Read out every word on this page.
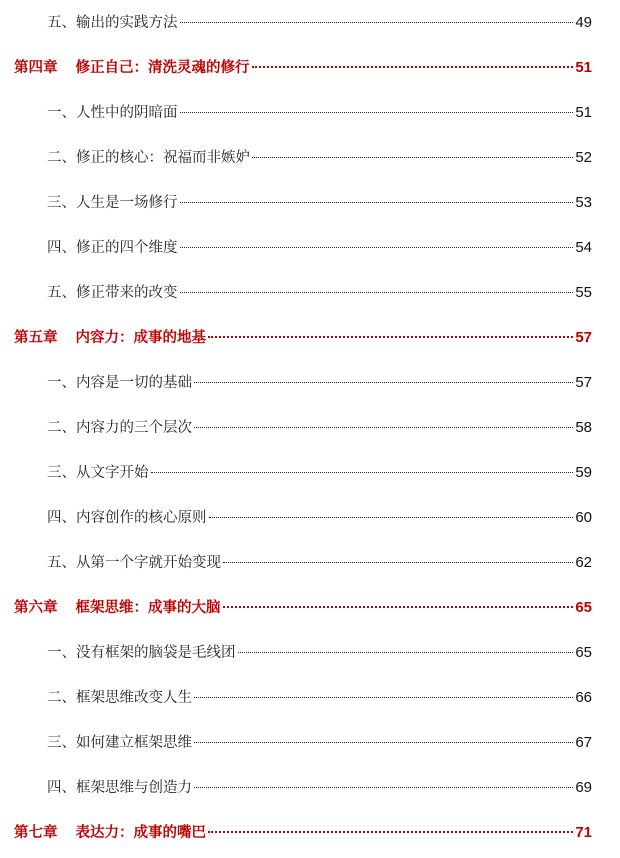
五、输出的实践方法	49
第四章 修正自己：清洗灵魂的修行	51
一、人性中的阴暗面	51
二、修正的核心：祝福而非嫉妒	52
三、人生是一场修行	53
四、修正的四个维度	54
五、修正带来的改变	55
第五章 内容力：成事的地基	57
一、内容是一切的基础	57
二、内容力的三个层次	58
三、从文字开始	59
四、内容创作的核心原则	60
五、从第一个字就开始变现	62
第六章 框架思维：成事的大脑	65
一、没有框架的脑袋是毛线团	65
二、框架思维改变人生	66
三、如何建立框架思维	67
四、框架思维与创造力	69
第七章 表达力：成事的嘴巴	71
